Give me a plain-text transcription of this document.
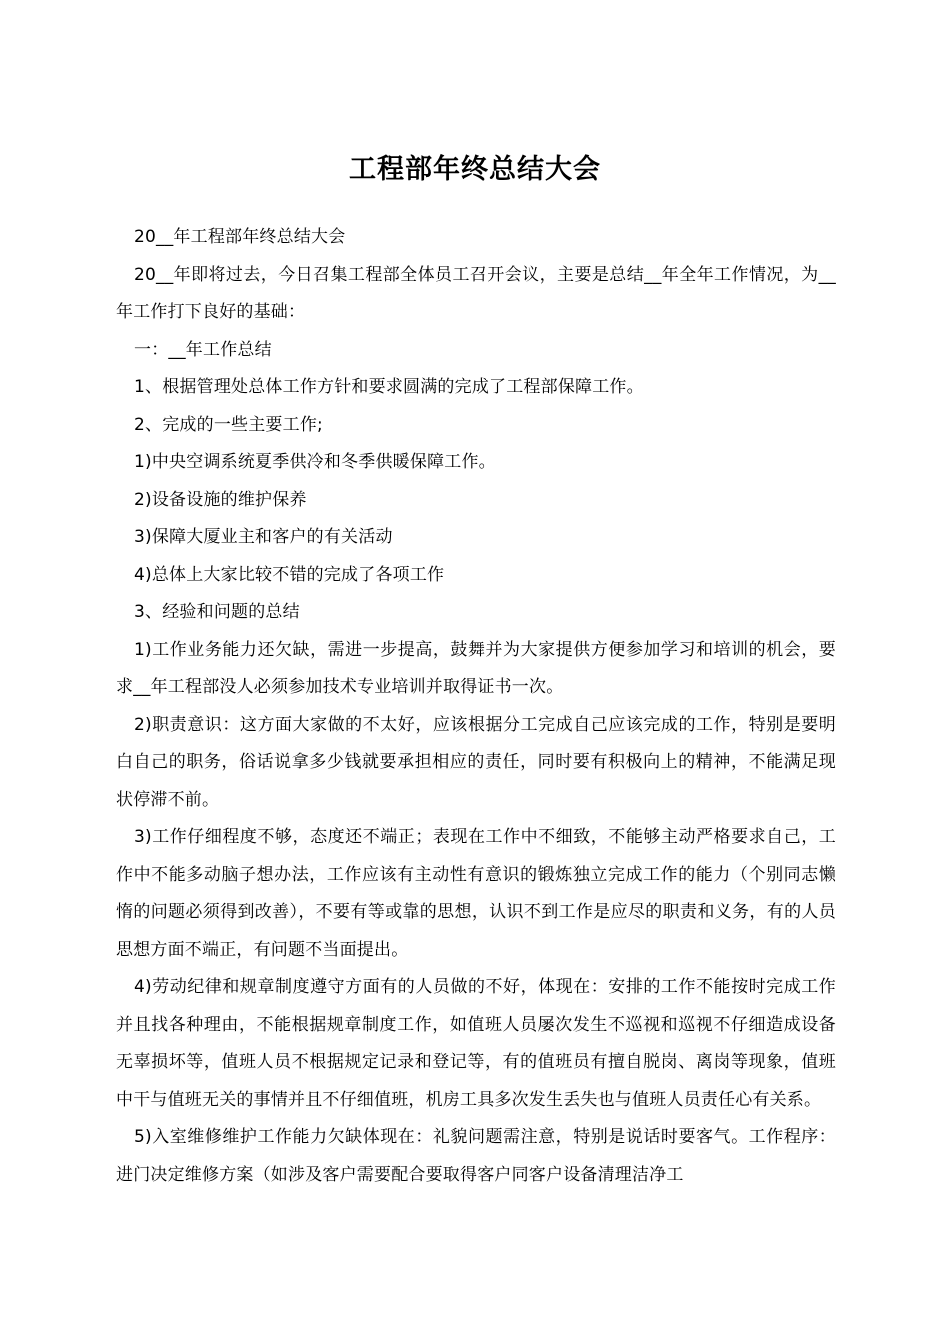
工程部年终总结大会

20__年工程部年终总结大会

20__年即将过去，今日召集工程部全体员工召开会议，主要是总结__年全年工作情况，为__年工作打下良好的基础：

一：__年工作总结

1、根据管理处总体工作方针和要求圆满的完成了工程部保障工作。

2、完成的一些主要工作;

1)中央空调系统夏季供冷和冬季供暖保障工作。

2)设备设施的维护保养

3)保障大厦业主和客户的有关活动

4)总体上大家比较不错的完成了各项工作

3、经验和问题的总结

1)工作业务能力还欠缺，需进一步提高，鼓舞并为大家提供方便参加学习和培训的机会，要求__年工程部没人必须参加技术专业培训并取得证书一次。

2)职责意识：这方面大家做的不太好，应该根据分工完成自己应该完成的工作，特别是要明白自己的职务，俗话说拿多少钱就要承担相应的责任，同时要有积极向上的精神，不能满足现状停滞不前。

3)工作仔细程度不够，态度还不端正；表现在工作中不细致，不能够主动严格要求自己，工作中不能多动脑子想办法，工作应该有主动性有意识的锻炼独立完成工作的能力（个别同志懒惰的问题必须得到改善），不要有等或靠的思想，认识不到工作是应尽的职责和义务，有的人员思想方面不端正，有问题不当面提出。

4)劳动纪律和规章制度遵守方面有的人员做的不好，体现在：安排的工作不能按时完成工作并且找各种理由，不能根据规章制度工作，如值班人员屡次发生不巡视和巡视不仔细造成设备无辜损坏等，值班人员不根据规定记录和登记等，有的值班员有擅自脱岗、离岗等现象，值班中干与值班无关的事情并且不仔细值班，机房工具多次发生丢失也与值班人员责任心有关系。

5)入室维修维护工作能力欠缺体现在：礼貌问题需注意，特别是说话时要客气。工作程序：进门决定维修方案（如涉及客户需要配合要取得客户同客户设备清理洁净工
